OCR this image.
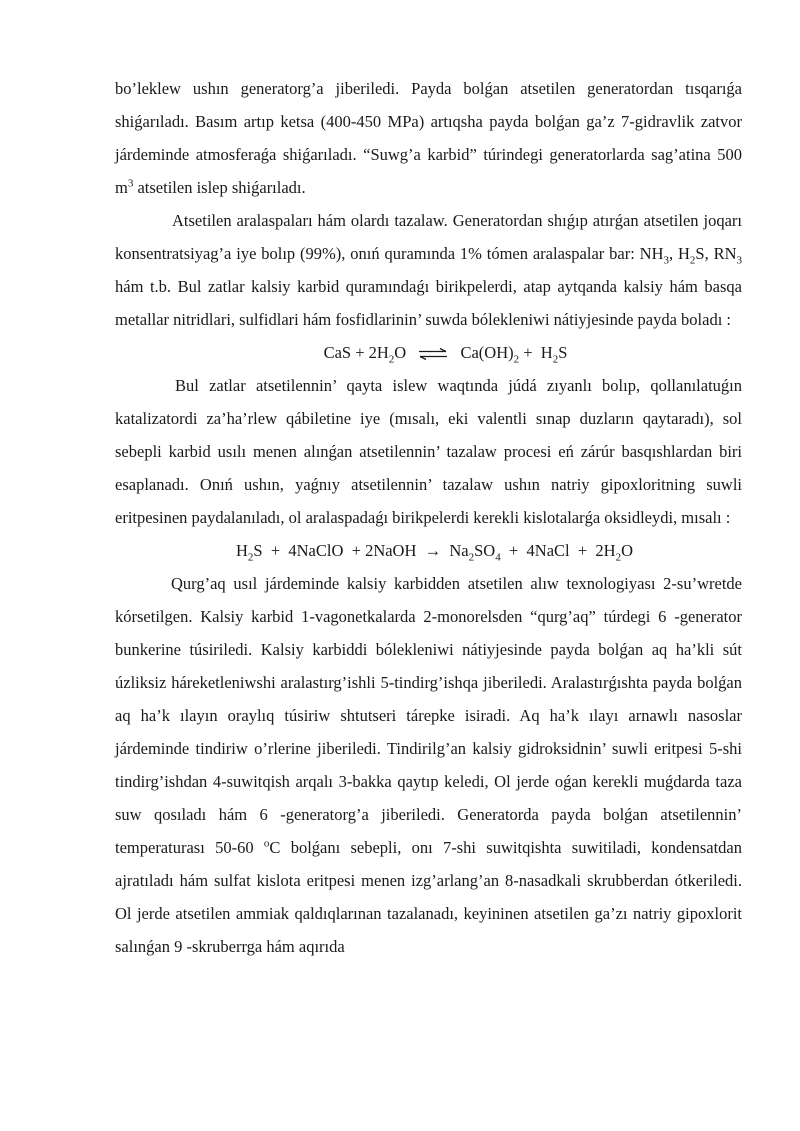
bo’leklew ushın generatorg’a jiberiledi. Payda bolǵan atsetilen generatordan tısqarıǵa shiǵarıladı. Basım artıp ketsa (400-450 MPa) artıqsha payda bolǵan ga’z 7-gidravlik zatvor járdeminde atmosferaǵa shiǵarıladı. “Suwg’a karbid” túrindegi generatorlarda sag’atina 500 $m^3$ atsetilen islep shiǵarıladı.

Atsetilen aralaspaları hám olardı tazalaw. Generatordan shıǵıp atırǵan atsetilen joqarı konsentratsiyag’a iye bolıp (99%), onıń quramında 1% tómen aralaspalar bar: $NH_3$, $H_2S$, $RN_3$ hám t.b. Bul zatlar kalsiy karbid quramındaǵı birikpelerdi, atap aytqanda kalsiy hám basqa metallar nitridlari, sulfidlari hám fosfidlarinin’ suwda bólekleniwi nátiyjesinde payda boladı :

CaS + $2H_2O$ ⇌ $Ca(OH)_2 + H_2S$

Bul zatlar atsetilennin’ qayta islew waqtında júdá zıyanlı bolıp, qollanılatuǵın katalizatordi za’ha’rlew qábiletine iye (mısalı, eki valentli sınap duzların qaytaradı), sol sebepli karbid usılı menen alınǵan atsetilennin’ tazalaw procesi eń zárúr basqıshlardan biri esaplanadı. Onıń ushın, yaǵnıy atsetilennin’ tazalaw ushın natriy gipoxloritning suwli eritpesinen paydalanıladı, ol aralaspadaǵı birikpelerdi kerekli kislotalarǵa oksidleydi, mısalı :

$H_2S$  +  4NaClO  + 2NaOH  →  $Na_2SO_4$  +  4NaCl  +  $2H_2O$

Qurg’aq usıl járdeminde kalsiy karbidden atsetilen alıw texnologiyası 2-su’wretde kórsetilgen. Kalsiy karbid 1-vagonetkalarda 2-monorelsden “qurg’aq” túrdegi 6 -generator bunkerine túsiriledi. Kalsiy karbiddi bólekleniwi nátiyjesinde payda bolǵan aq ha’kli sút úzliksiz háreketleniwshi aralastırg’ishli 5-tindirg’ishqa jiberiledi. Aralastırǵıshta payda bolǵan aq ha’k ılayın oraylıq túsiriw shtutseri tárepke isiradi. Aq ha’k ılayı arnawlı nasoslar járdeminde tindiriw o’rlerine jiberiledi. Tindirilg’an kalsiy gidroksidnin’ suwli eritpesi 5-shi tindirg’ishdan 4-suwitqish arqalı 3-bakka qaytıp keledi, Ol jerde oǵan kerekli muǵdarda taza suw qosıladı hám 6 -generatorg’a jiberiledi. Generatorda payda bolǵan atsetilennin’ temperaturası 50-60 $^o$C bolǵanı sebepli, onı 7-shi suwitqishta suwitiladi, kondensatdan ajratıladı hám sulfat kislota eritpesi menen izg’arlang’an 8-nasadkali skrubberdan ótkeriledi. Ol jerde atsetilen ammiak qaldıqlarınan tazalanadı, keyininen atsetilen ga’zı natriy gipoxlorit salınǵan 9 -skruberrga hám aqırıda
